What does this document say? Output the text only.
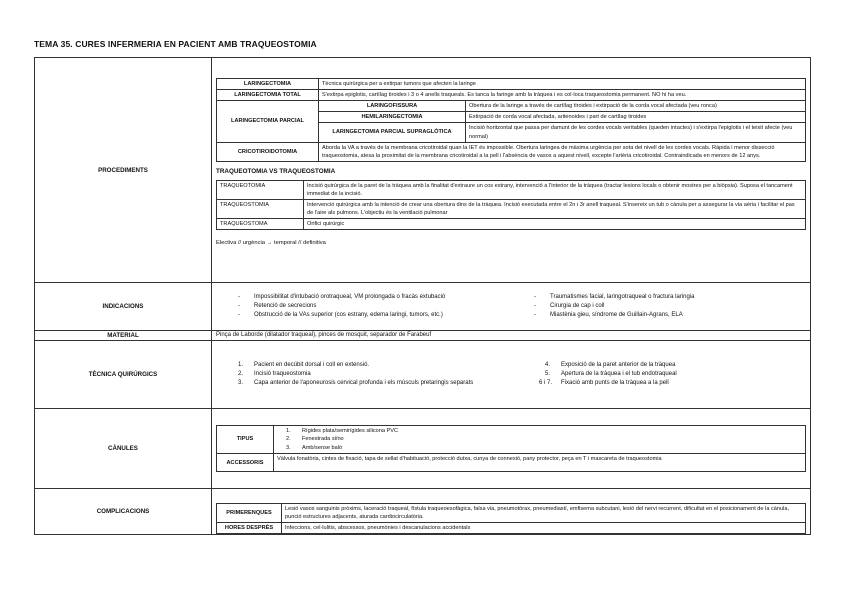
TEMA 35. CURES INFERMERIA EN PACIENT AMB TRAQUEOSTOMIA
PROCEDIMENTS	
LARINGECTOMIA	Tècnica quirúrgica per a extirpar tumors que afecten la laringe
LARINGECTOMIA TOTAL	S'extirpa epiglotis, cartílag tiroides i 3 o 4 anells traqueals. Es tanca la faringe amb la tràquea i es col·loca traqueostomia permanent. NO hi ha veu.
LARINGECTOMIA PARCIAL	LARINGOFISSURA	Obertura de la laringe a través de cartílag tiroides i extirpació de la corda vocal afectada (veu ronca)
HEMILARINGECTOMIA	Extirpació de corda vocal afectada, aritenoides i part de cartílag tiroides
LARINGECTOMIA PARCIAL SUPRAGLÒTICA	Incisió horitzontal que passa per damunt de les cordes vocals veritables (queden intactes) i s'extirpa l'epiglotis i el teixit afecte (veu normal)
CRICOTIROIDOTOMIA	Aborda la VA a través de la membrana cricotiroidal quan la IET és impossible. Obertura laringea de màxima urgència per sota del nivell de les cordes vocals. Ràpida i menor dissecció traqueostomia, atesa la proximitat de la membrana cricotiroidal a la pell i l'absència de vasos a aquest nivell, excepte l'artèria cricotiroidal. Contraindicada en menors de 12 anys.
TRAQUEOTOMIA VS TRAQUEOSTOMIA
TRAQUEOTOMIA	Incisió quirúrgica de la paret de la tràquea amb la finalitat d'extraure un cos estrany, intervenció a l'interior de la tràquea (tractar lesions locals o obtenir mostres per a biòpsia). Suposa el tancament immediat de la incisió.
TRAQUEOSTOMIA	Intervenció quirúrgica amb la intenció de crear una obertura dins de la tràquea. Incisió executada entre el 2n i 3r anell traqueal. S'insereix un tub o cànula per a assegurar la via aèria i facilitar el pas de l'aire als pulmons. L'objectiu és la ventilació pulmonar
TRAQUEOSTOMA	Orifici quirúrgic
Electiva // urgència → temporal // definitiva

INDICACIONS	
- Impossibilitat d'intubació orotraqueal, VM prolongada o fracàs extubació
- Retenció de secrecions
- Obstrucció de la VAs superior (cos estrany, edema laringi, tumors, etc.)
- Traumatismes facial, laringotraqueal o fractura laringia
- Cirurgia de cap i coll
- Miastènia gieu, síndrome de Guillain-Agrans, ELA

MATERIAL	Pinça de Laborde (dilatador traqueal), pinces de mosquit, separador de Farabeuf
TÈCNICA QUIRÚRGICS	
1. Pacient en decúbit dorsal i coll en extensió.
2. Incisió traqueostomia
3. Capa anterior de l'aponeurosis cervical profunda i els músculs pretaringis separats
4. Exposició de la paret anterior de la tràquea
5. Apertura de la tràquea i el tub endotraqueal
6 i 7. Fixació amb punts de la tràquea a la pell

CÀNULES	
TIPUS	
1. Rígides plata/semirígides silicona PVC
2. Fenestrada si/no
3. Amb/sense baló

ACCESSORIS	Vàlvula fonatòria, cintes de fixació, tapa de sellat d'habituació, protecció dutxa, cunya de connexió, pany protector, peça en T i mascareta de traqueostomia

COMPLICACIONS		PRIMERENQUES	Lesió vasos sanguinis pròxims, laceració traqueal, fístula traqueoesofàgica, falsa via, pneumotòrax, pneumediastí, emfisema subcutani, lesió del nervi recurrent, dificultat en el posicionament de la cànula, punció estructures adjacents, aturada cardiocirculatòria.
HORES DESPRÉS	Infeccions, cel·lulitis, abscessos, pneumònies i descanulacions accidentals
